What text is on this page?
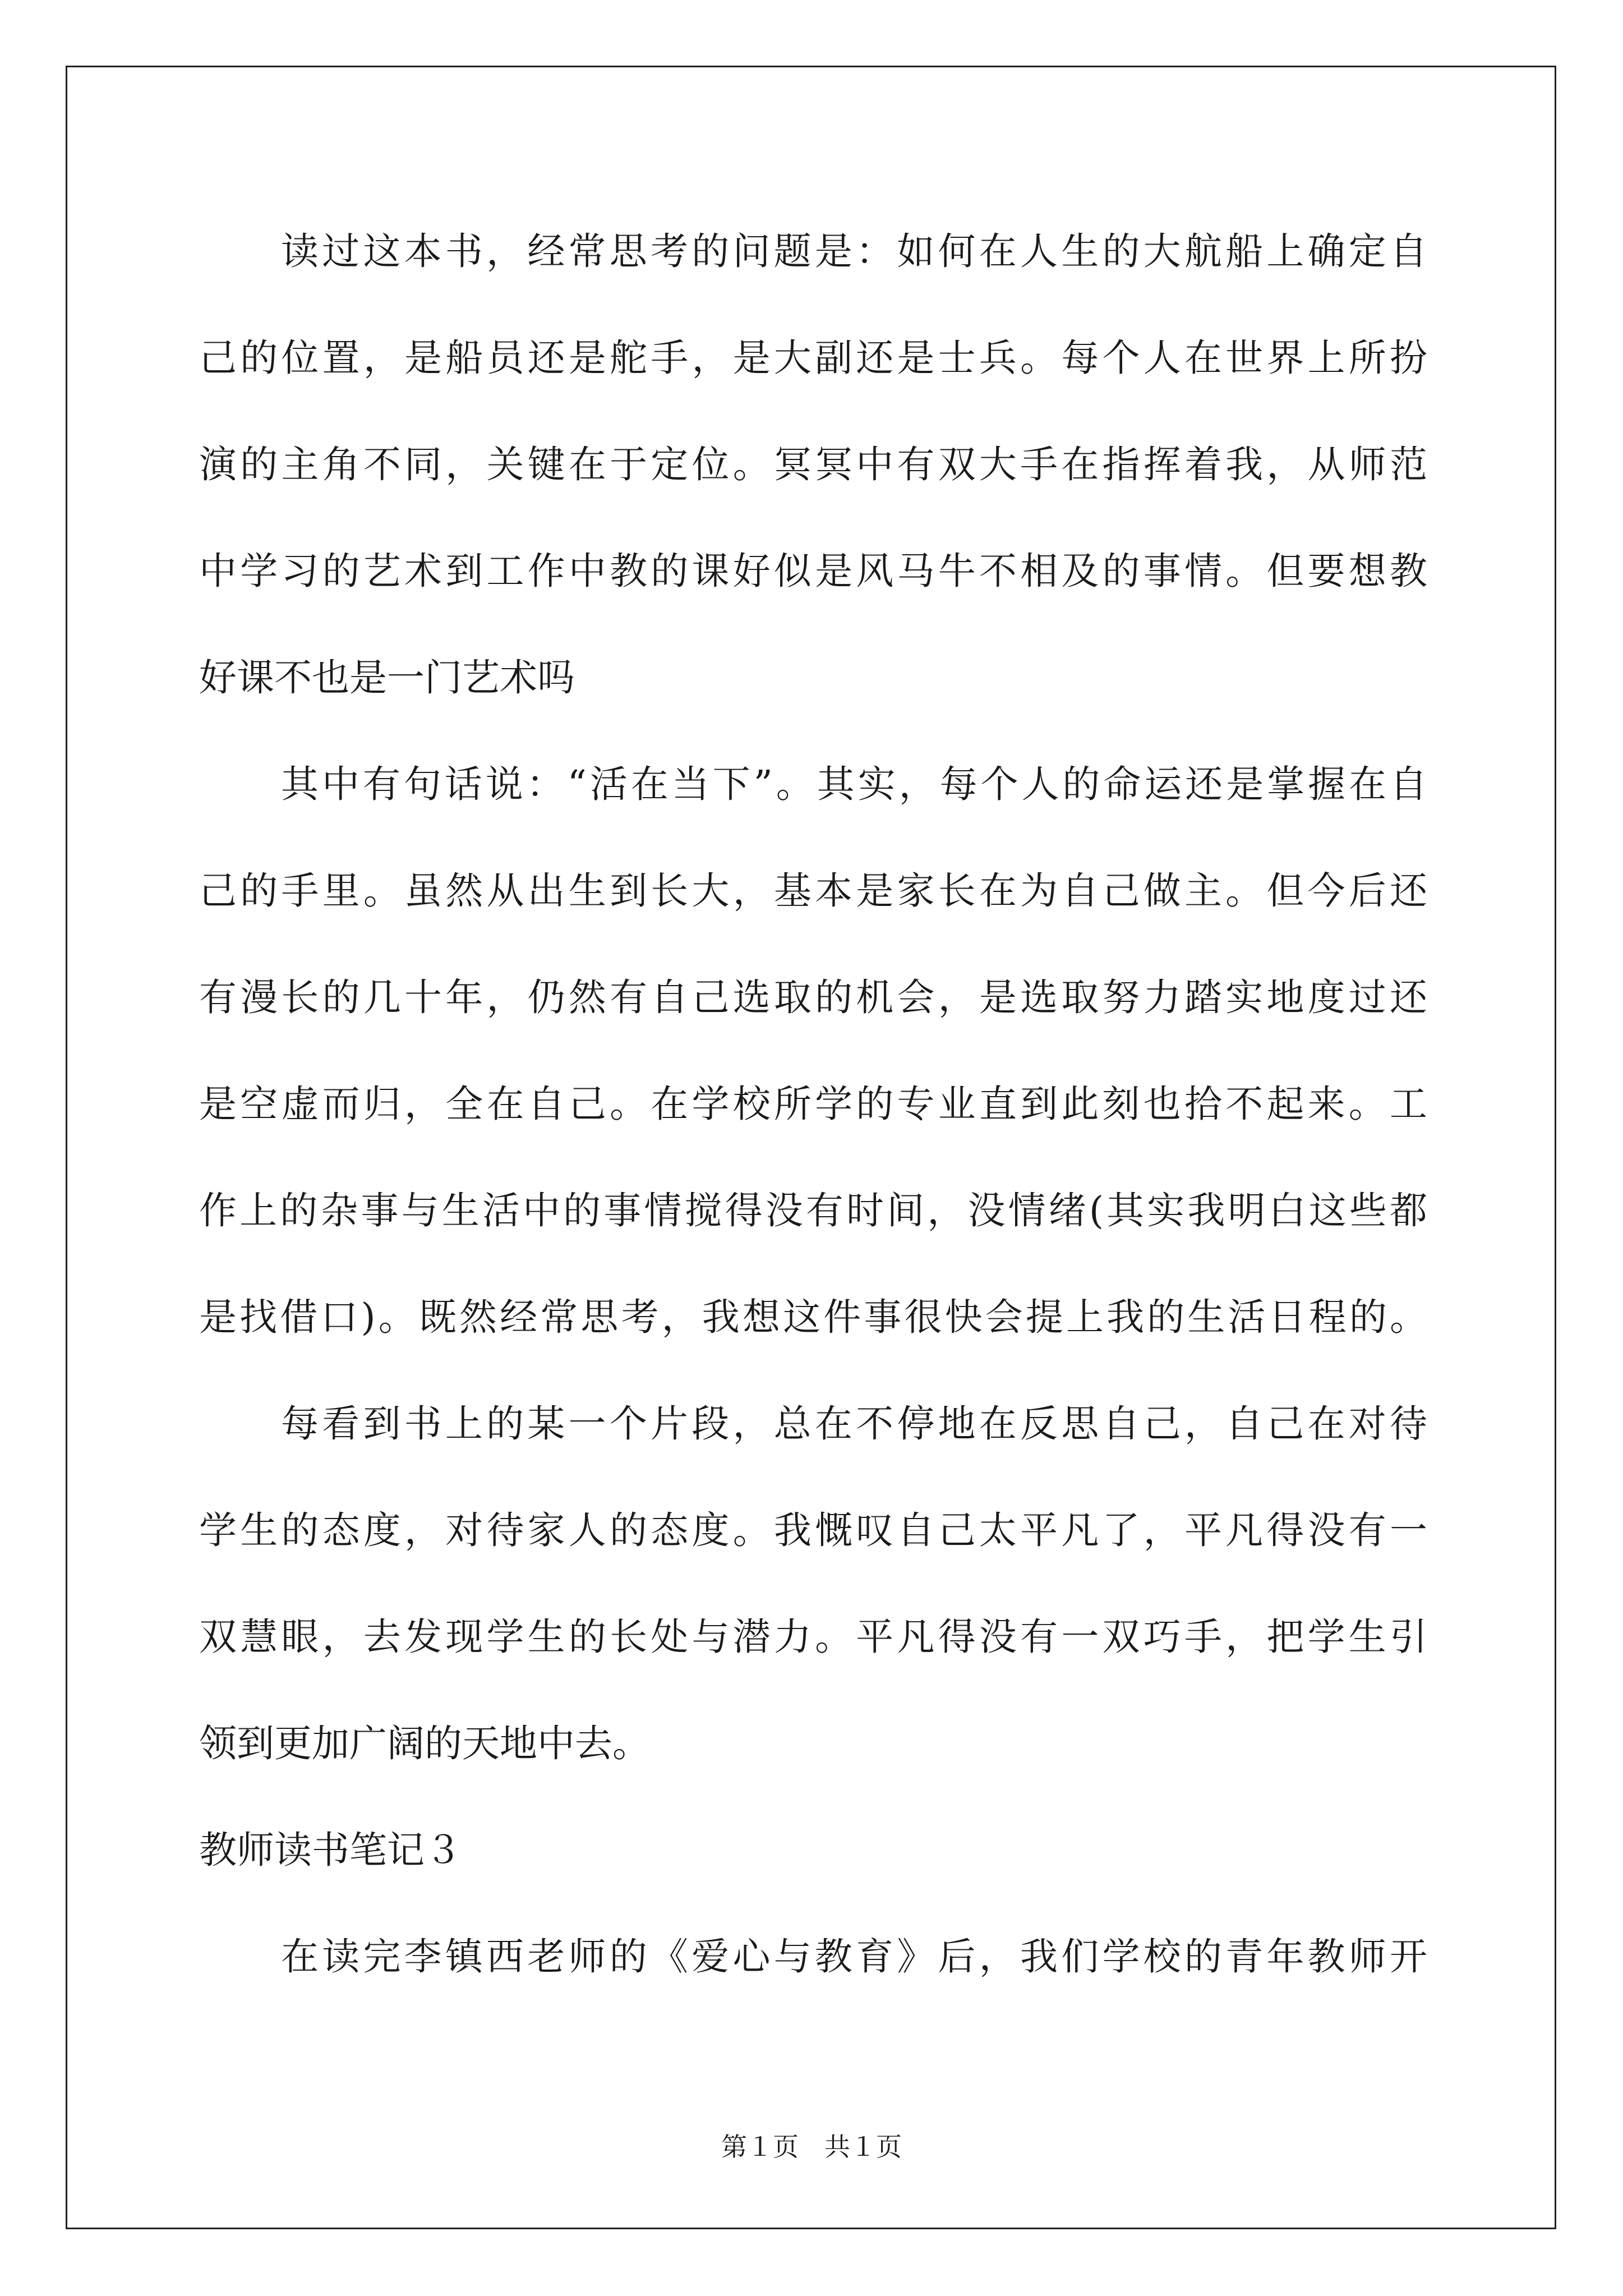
读过这本书，经常思考的问题是：如何在人生的大航船上确定自
己的位置，是船员还是舵手，是大副还是士兵。每个人在世界上所扮
演的主角不同，关键在于定位。冥冥中有双大手在指挥着我，从师范
中学习的艺术到工作中教的课好似是风马牛不相及的事情。但要想教
好课不也是一门艺术吗
其中有句话说：“活在当下”。其实，每个人的命运还是掌握在自
己的手里。虽然从出生到长大，基本是家长在为自己做主。但今后还
有漫长的几十年，仍然有自己选取的机会，是选取努力踏实地度过还
是空虚而归，全在自己。在学校所学的专业直到此刻也拾不起来。工
作上的杂事与生活中的事情搅得没有时间，没情绪(其实我明白这些都
是找借口)。既然经常思考，我想这件事很快会提上我的生活日程的。
每看到书上的某一个片段，总在不停地在反思自己，自己在对待
学生的态度，对待家人的态度。我慨叹自己太平凡了，平凡得没有一
双慧眼，去发现学生的长处与潜力。平凡得没有一双巧手，把学生引
领到更加广阔的天地中去。
教师读书笔记３
在读完李镇西老师的《爱心与教育》后，我们学校的青年教师开
第１页　共１页
